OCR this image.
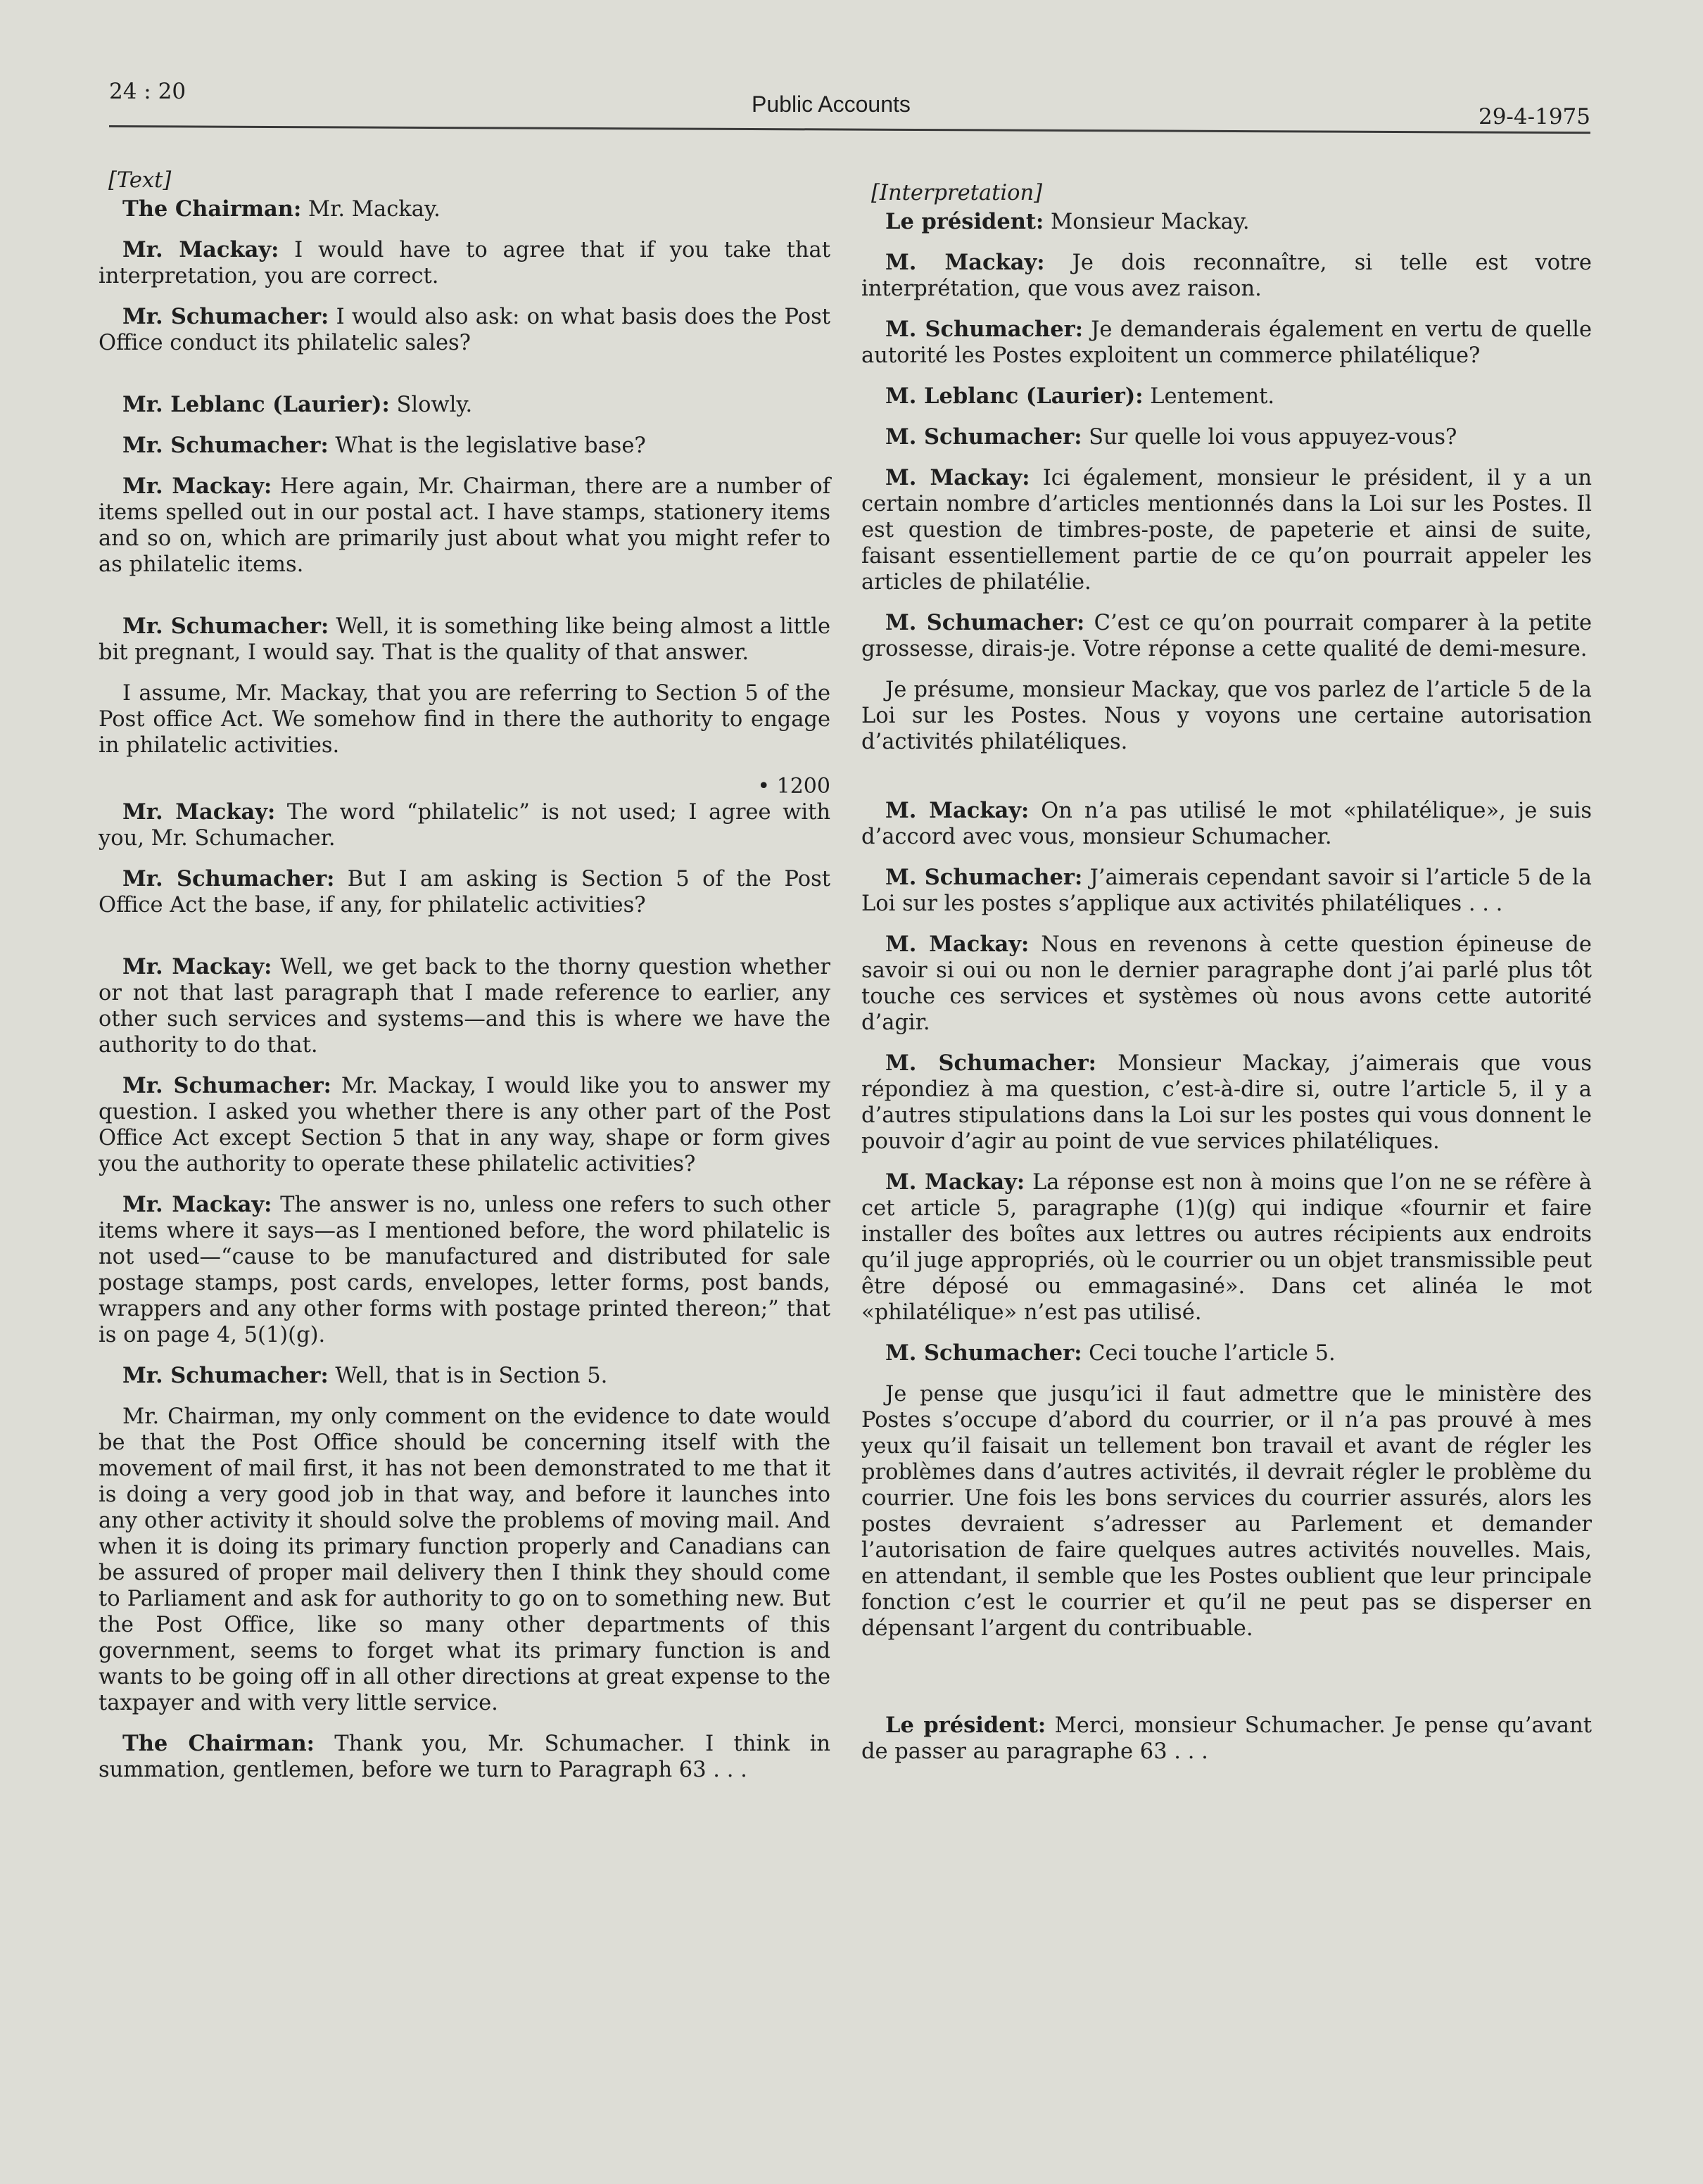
24 : 20	Public Accounts	29-4-1975

[Text]

The Chairman: Mr. Mackay.

Mr. Mackay: I would have to agree that if you take that interpretation, you are correct.

Mr. Schumacher: I would also ask: on what basis does the Post Office conduct its philatelic sales?

Mr. Leblanc (Laurier): Slowly.

Mr. Schumacher: What is the legislative base?

Mr. Mackay: Here again, Mr. Chairman, there are a number of items spelled out in our postal act. I have stamps, stationery items and so on, which are primarily just about what you might refer to as philatelic items.

Mr. Schumacher: Well, it is something like being almost a little bit pregnant, I would say. That is the quality of that answer.

I assume, Mr. Mackay, that you are referring to Section 5 of the Post office Act. We somehow find in there the authority to engage in philatelic activities.

• 1200

Mr. Mackay: The word “philatelic” is not used; I agree with you, Mr. Schumacher.

Mr. Schumacher: But I am asking is Section 5 of the Post Office Act the base, if any, for philatelic activities?

Mr. Mackay: Well, we get back to the thorny question whether or not that last paragraph that I made reference to earlier, any other such services and systems—and this is where we have the authority to do that.

Mr. Schumacher: Mr. Mackay, I would like you to answer my question. I asked you whether there is any other part of the Post Office Act except Section 5 that in any way, shape or form gives you the authority to operate these philatelic activities?

Mr. Mackay: The answer is no, unless one refers to such other items where it says—as I mentioned before, the word philatelic is not used—“cause to be manufactured and distributed for sale postage stamps, post cards, envelopes, letter forms, post bands, wrappers and any other forms with postage printed thereon;” that is on page 4, 5(1)(g).

Mr. Schumacher: Well, that is in Section 5.

Mr. Chairman, my only comment on the evidence to date would be that the Post Office should be concerning itself with the movement of mail first, it has not been demonstrated to me that it is doing a very good job in that way, and before it launches into any other activity it should solve the problems of moving mail. And when it is doing its primary function properly and Canadians can be assured of proper mail delivery then I think they should come to Parliament and ask for authority to go on to something new. But the Post Office, like so many other departments of this government, seems to forget what its primary function is and wants to be going off in all other directions at great expense to the taxpayer and with very little service.

The Chairman: Thank you, Mr. Schumacher. I think in summation, gentlemen, before we turn to Paragraph 63 . . .

[Interpretation]

Le président: Monsieur Mackay.

M. Mackay: Je dois reconnaître, si telle est votre interprétation, que vous avez raison.

M. Schumacher: Je demanderais également en vertu de quelle autorité les Postes exploitent un commerce philatélique?

M. Leblanc (Laurier): Lentement.

M. Schumacher: Sur quelle loi vous appuyez-vous?

M. Mackay: Ici également, monsieur le président, il y a un certain nombre d’articles mentionnés dans la Loi sur les Postes. Il est question de timbres-poste, de papeterie et ainsi de suite, faisant essentiellement partie de ce qu’on pourrait appeler les articles de philatélie.

M. Schumacher: C’est ce qu’on pourrait comparer à la petite grossesse, dirais-je. Votre réponse a cette qualité de demi-mesure.

Je présume, monsieur Mackay, que vos parlez de l’article 5 de la Loi sur les Postes. Nous y voyons une certaine autorisation d’activités philatéliques.

M. Mackay: On n’a pas utilisé le mot «philatélique», je suis d’accord avec vous, monsieur Schumacher.

M. Schumacher: J’aimerais cependant savoir si l’article 5 de la Loi sur les postes s’applique aux activités philatéliques . . .

M. Mackay: Nous en revenons à cette question épineuse de savoir si oui ou non le dernier paragraphe dont j’ai parlé plus tôt touche ces services et systèmes où nous avons cette autorité d’agir.

M. Schumacher: Monsieur Mackay, j’aimerais que vous répondiez à ma question, c’est-à-dire si, outre l’article 5, il y a d’autres stipulations dans la Loi sur les postes qui vous donnent le pouvoir d’agir au point de vue services philatéliques.

M. Mackay: La réponse est non à moins que l’on ne se réfère à cet article 5, paragraphe (1)(g) qui indique «fournir et faire installer des boîtes aux lettres ou autres récipients aux endroits qu’il juge appropriés, où le courrier ou un objet transmissible peut être déposé ou emmagasiné». Dans cet alinéa le mot «philatélique» n’est pas utilisé.

M. Schumacher: Ceci touche l’article 5.

Je pense que jusqu’ici il faut admettre que le ministère des Postes s’occupe d’abord du courrier, or il n’a pas prouvé à mes yeux qu’il faisait un tellement bon travail et avant de régler les problèmes dans d’autres activités, il devrait régler le problème du courrier. Une fois les bons services du courrier assurés, alors les postes devraient s’adresser au Parlement et demander l’autorisation de faire quelques autres activités nouvelles. Mais, en attendant, il semble que les Postes oublient que leur principale fonction c’est le courrier et qu’il ne peut pas se disperser en dépensant l’argent du contribuable.

Le président: Merci, monsieur Schumacher. Je pense qu’avant de passer au paragraphe 63 . . .
